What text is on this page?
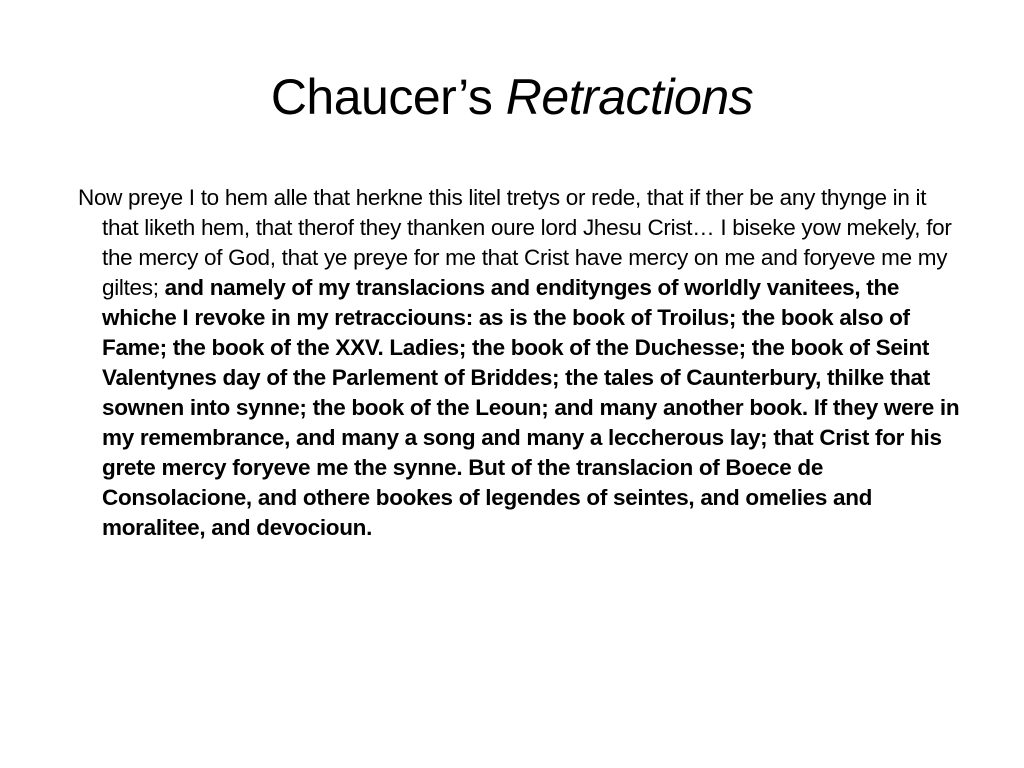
Chaucer’s Retractions
Now preye I to hem alle that herkne this litel tretys or rede, that if ther be any thynge in it that liketh hem, that therof they thanken oure lord Jhesu Crist… I biseke yow mekely, for the mercy of God, that ye preye for me that Crist have mercy on me and foryeve me my giltes; and namely of my translacions and enditynges of worldly vanitees, the whiche I revoke in my retraccioun​s: as is the book of Troilus; the book also of Fame; the book of the XXV. Ladies; the book of the Duchesse; the book of Seint Valentynes day of the Parlement of Briddes; the tales of Caunterbury, thilke that sownen into synne; the book of the Leoun; and many another book. If they were in my remembrance, and many a song and many a leccherous lay; that Crist for his grete mercy foryeve me the synne. But of the translacion of Boece de Consolacione, and othere bookes of legendes of seintes, and omelies and moralitee, and devocioun.
